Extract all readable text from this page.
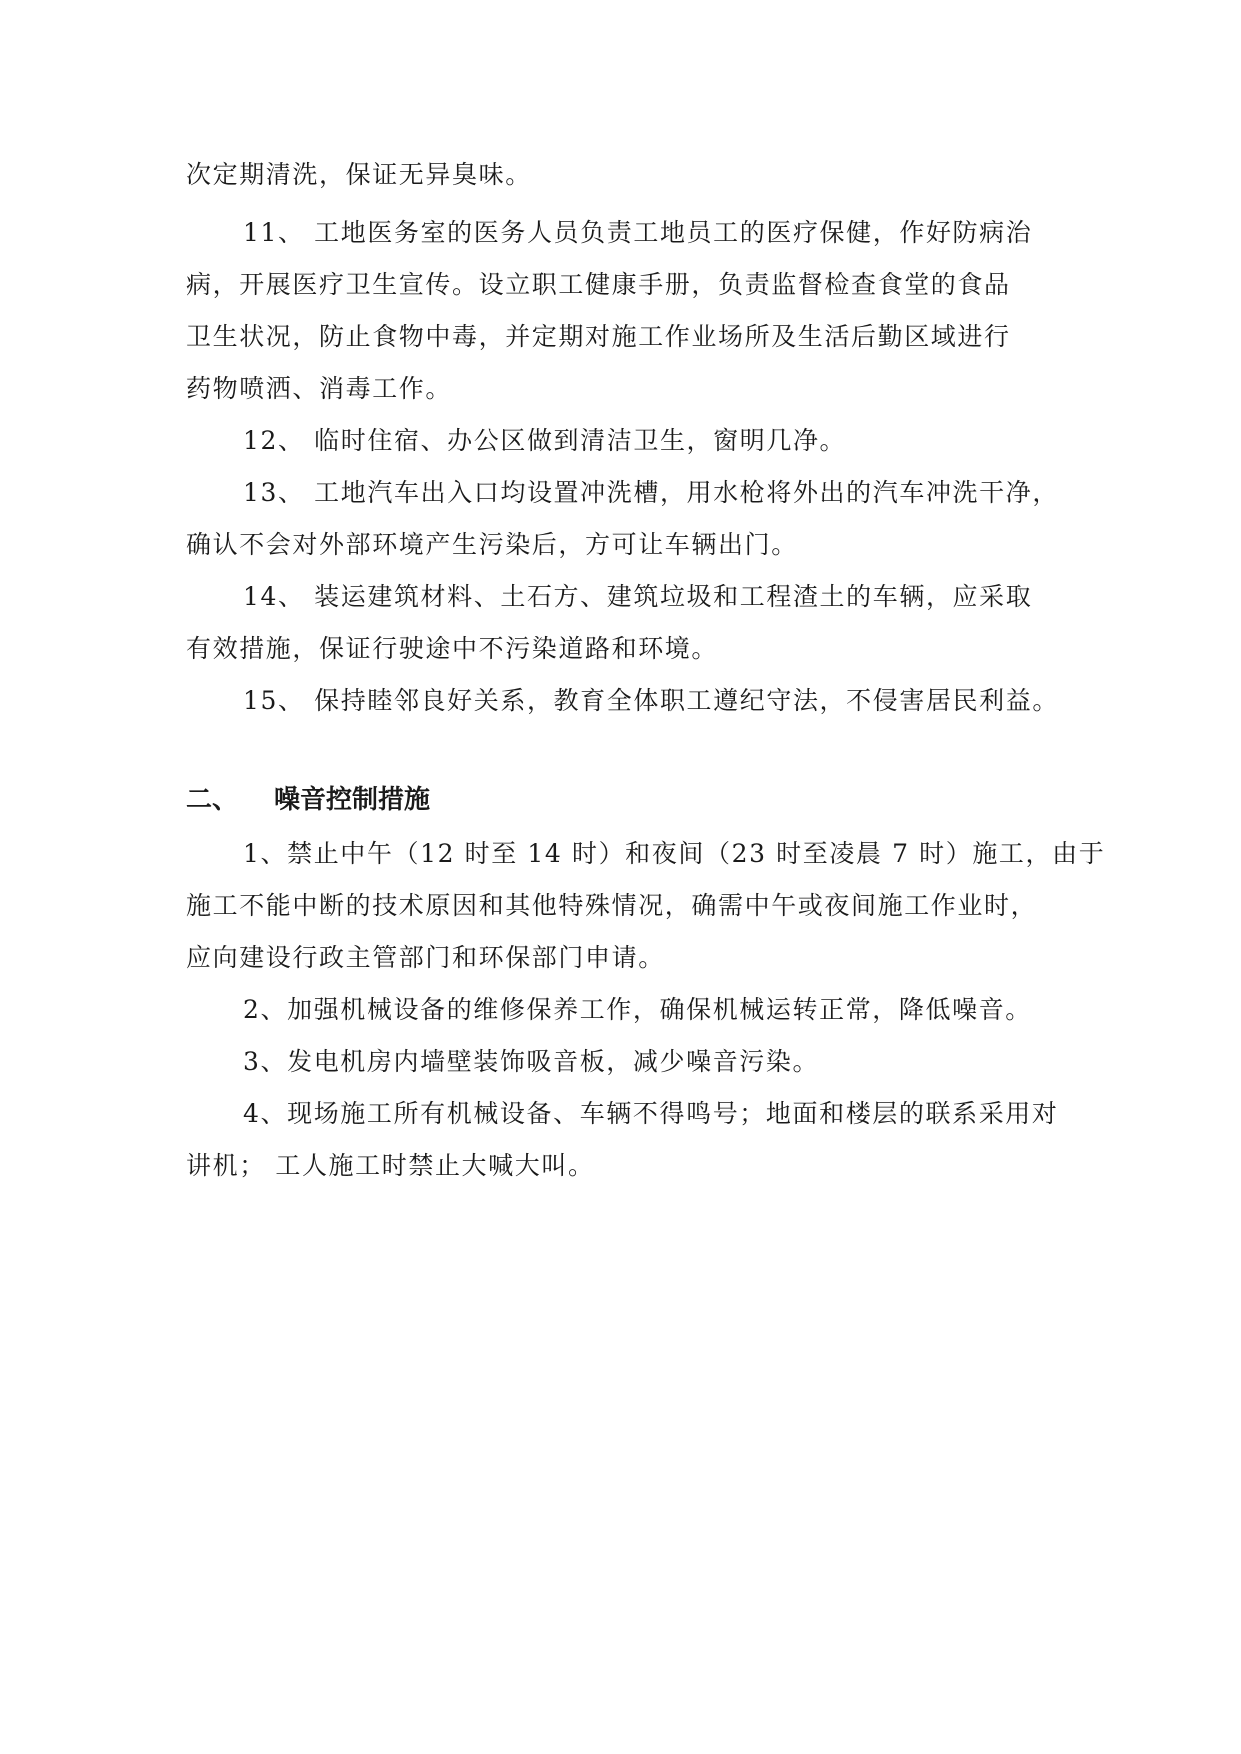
次定期清洗，保证无异臭味。
11、 工地医务室的医务人员负责工地员工的医疗保健，作好防病治
病，开展医疗卫生宣传。设立职工健康手册，负责监督检查食堂的食品
卫生状况，防止食物中毒，并定期对施工作业场所及生活后勤区域进行
药物喷洒、消毒工作。
12、 临时住宿、办公区做到清洁卫生，窗明几净。
13、 工地汽车出入口均设置冲洗槽，用水枪将外出的汽车冲洗干净，
确认不会对外部环境产生污染后，方可让车辆出门。
14、 装运建筑材料、土石方、建筑垃圾和工程渣土的车辆，应采取
有效措施，保证行驶途中不污染道路和环境。
15、 保持睦邻良好关系，教育全体职工遵纪守法，不侵害居民利益。
二、 噪音控制措施
1、禁止中午（12 时至 14 时）和夜间（23 时至凌晨 7 时）施工，由于
施工不能中断的技术原因和其他特殊情况，确需中午或夜间施工作业时，
应向建设行政主管部门和环保部门申请。
2、加强机械设备的维修保养工作，确保机械运转正常，降低噪音。
3、发电机房内墙壁装饰吸音板，减少噪音污染。
4、现场施工所有机械设备、车辆不得鸣号；地面和楼层的联系采用对
讲机； 工人施工时禁止大喊大叫。
